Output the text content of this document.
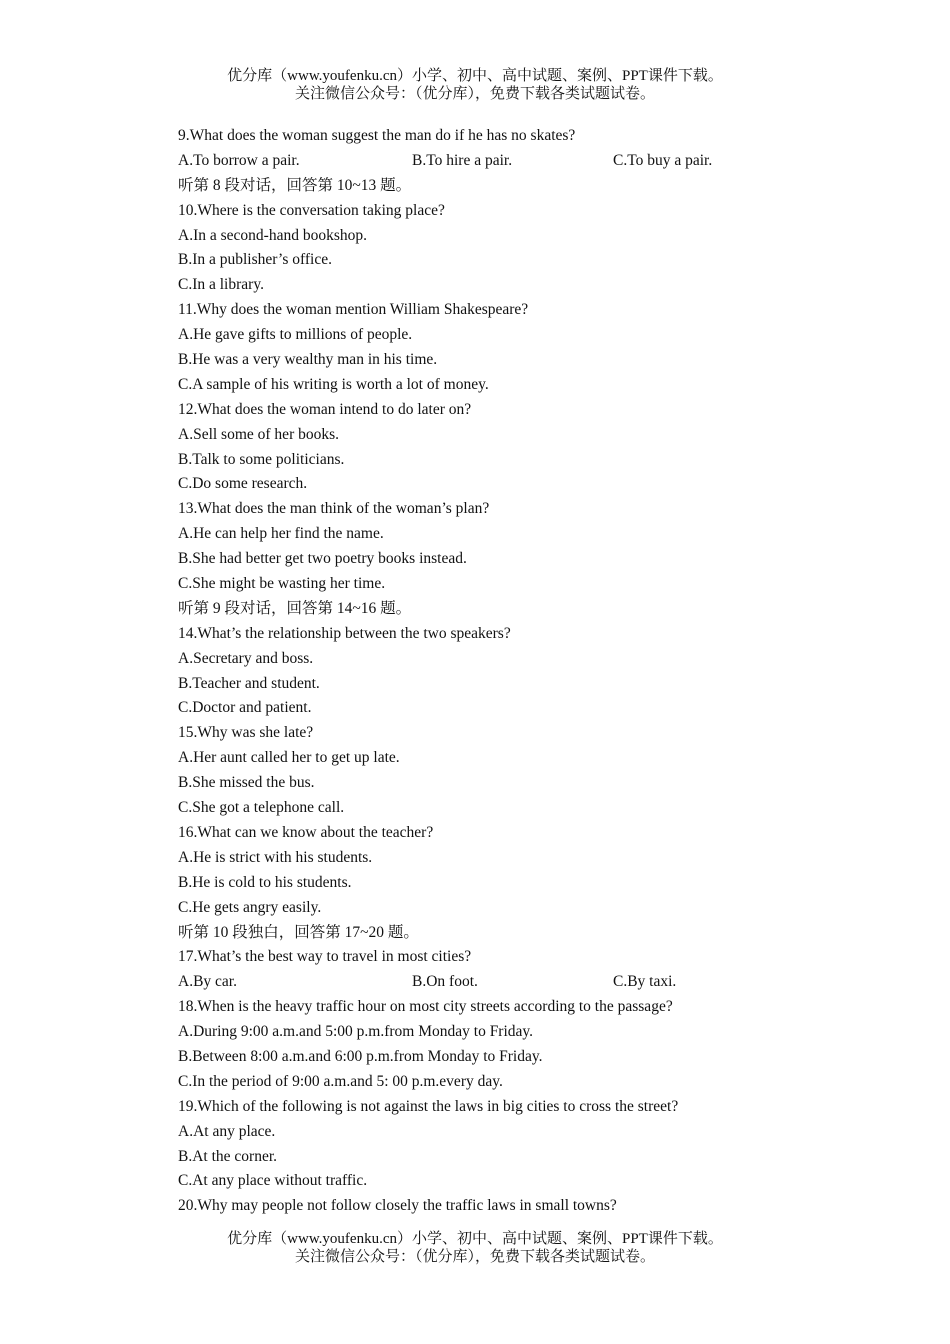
优分库（www.youfenku.cn）小学、初中、高中试题、案例、PPT课件下载。
关注微信公众号：（优分库），免费下载各类试题试卷。
9.What does the woman suggest the man do if he has no skates?
A.To borrow a pair.	B.To hire a pair.	C.To buy a pair.
听第 8 段对话，回答第 10~13 题。
10.Where is the conversation taking place?
A.In a second-hand bookshop.
B.In a publisher’s office.
C.In a library.
11.Why does the woman mention William Shakespeare?
A.He gave gifts to millions of people.
B.He was a very wealthy man in his time.
C.A sample of his writing is worth a lot of money.
12.What does the woman intend to do later on?
A.Sell some of her books.
B.Talk to some politicians.
C.Do some research.
13.What does the man think of the woman’s plan?
A.He can help her find the name.
B.She had better get two poetry books instead.
C.She might be wasting her time.
听第 9 段对话，回答第 14~16 题。
14.What’s the relationship between the two speakers?
A.Secretary and boss.
B.Teacher and student.
C.Doctor and patient.
15.Why was she late?
A.Her aunt called her to get up late.
B.She missed the bus.
C.She got a telephone call.
16.What can we know about the teacher?
A.He is strict with his students.
B.He is cold to his students.
C.He gets angry easily.
听第 10 段独白，回答第 17~20 题。
17.What’s the best way to travel in most cities?
A.By car.	B.On foot.	C.By taxi.
18.When is the heavy traffic hour on most city streets according to the passage?
A.During 9:00 a.m.and 5:00 p.m.from Monday to Friday.
B.Between 8:00 a.m.and 6:00 p.m.from Monday to Friday.
C.In the period of 9:00 a.m.and 5: 00 p.m.every day.
19.Which of the following is not against the laws in big cities to cross the street?
A.At any place.
B.At the corner.
C.At any place without traffic.
20.Why may people not follow closely the traffic laws in small towns?
优分库（www.youfenku.cn）小学、初中、高中试题、案例、PPT课件下载。
关注微信公众号：（优分库），免费下载各类试题试卷。
